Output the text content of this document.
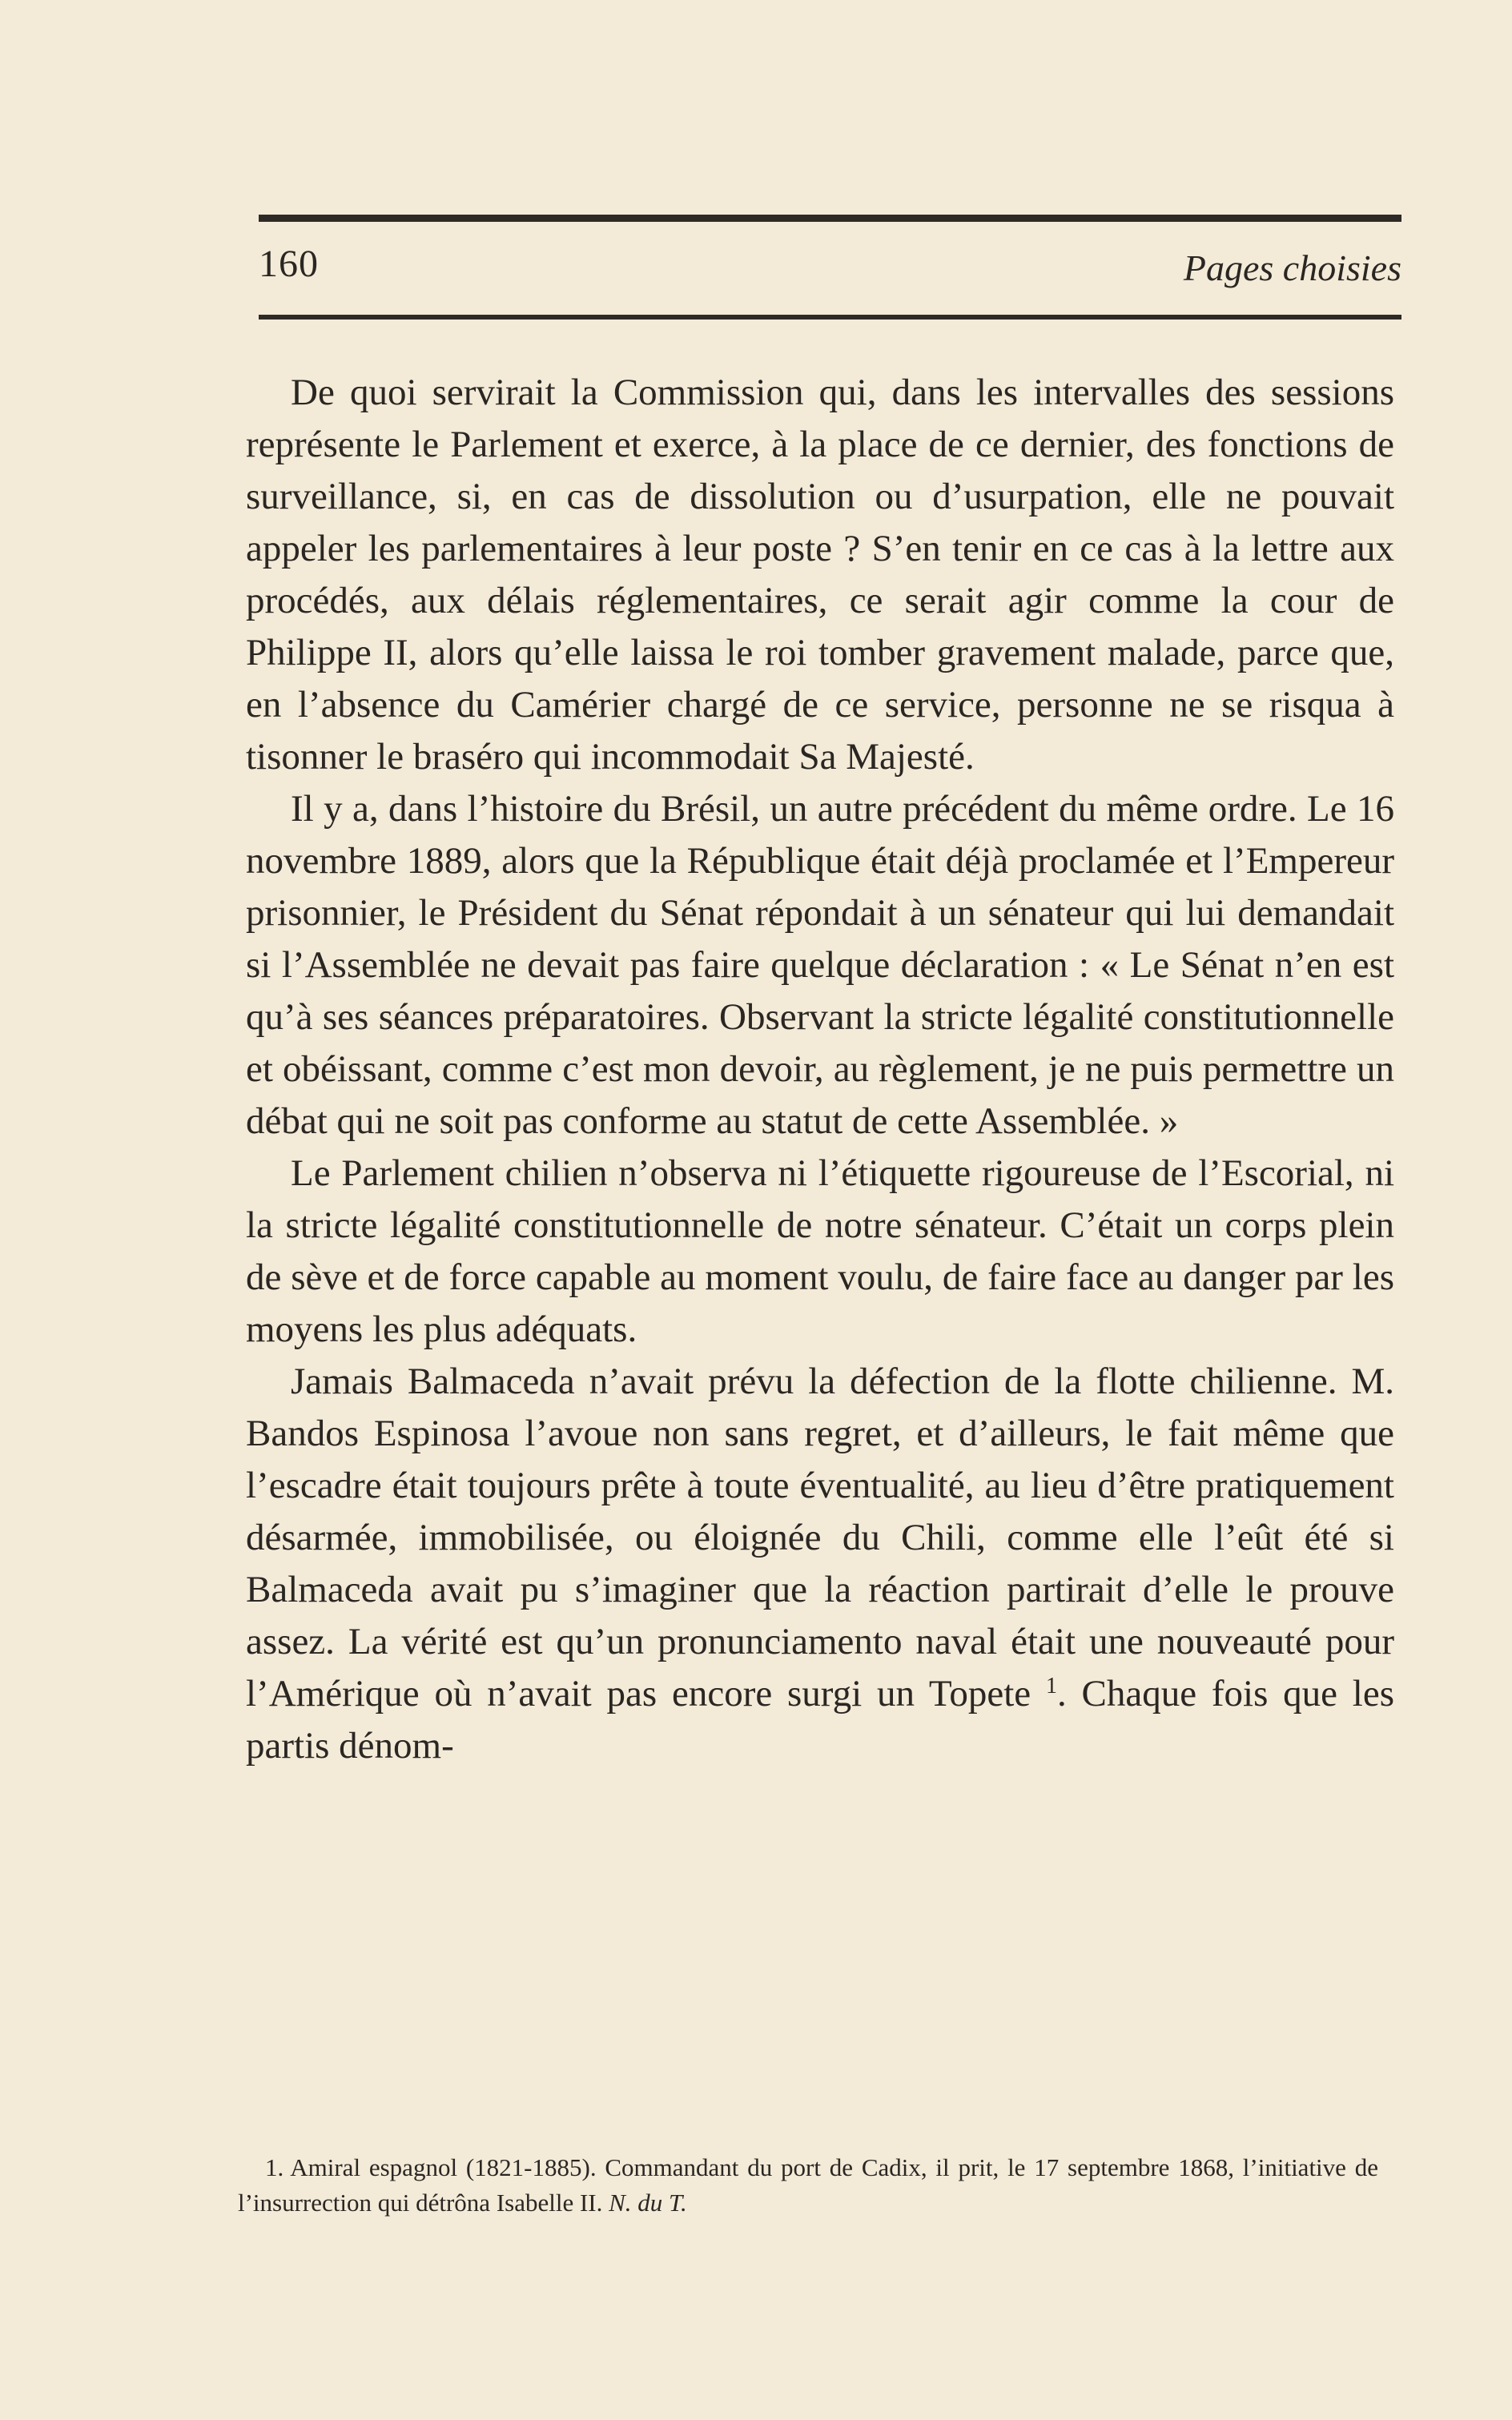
160	Pages choisies

De quoi servirait la Commission qui, dans les intervalles des sessions représente le Parlement et exerce, à la place de ce dernier, des fonctions de surveillance, si, en cas de dissolution ou d’usurpation, elle ne pouvait appeler les parlementaires à leur poste ? S’en tenir en ce cas à la lettre aux procédés, aux délais réglementaires, ce serait agir comme la cour de Philippe II, alors qu’elle laissa le roi tomber gravement malade, parce que, en l’absence du Camérier chargé de ce service, personne ne se risqua à tisonner le braséro qui incommodait Sa Majesté.

Il y a, dans l’histoire du Brésil, un autre précédent du même ordre. Le 16 novembre 1889, alors que la République était déjà proclamée et l’Empereur prisonnier, le Président du Sénat répondait à un sénateur qui lui demandait si l’Assemblée ne devait pas faire quelque déclaration : « Le Sénat n’en est qu’à ses séances préparatoires. Observant la stricte légalité constitutionnelle et obéissant, comme c’est mon devoir, au règlement, je ne puis permettre un débat qui ne soit pas conforme au statut de cette Assemblée. »

Le Parlement chilien n’observa ni l’étiquette rigoureuse de l’Escorial, ni la stricte légalité constitutionnelle de notre sénateur. C’était un corps plein de sève et de force capable au moment voulu, de faire face au danger par les moyens les plus adéquats.

Jamais Balmaceda n’avait prévu la défection de la flotte chilienne. M. Bandos Espinosa l’avoue non sans regret, et d’ailleurs, le fait même que l’escadre était toujours prête à toute éventualité, au lieu d’être pratiquement désarmée, immobilisée, ou éloignée du Chili, comme elle l’eût été si Balmaceda avait pu s’imaginer que la réaction partirait d’elle le prouve assez. La vérité est qu’un pronunciamento naval était une nouveauté pour l’Amérique où n’avait pas encore surgi un Topete $^1$. Chaque fois que les partis dénom-

1. Amiral espagnol (1821-1885). Commandant du port de Cadix, il prit, le 17 septembre 1868, l’initiative de l’insurrection qui détrôna Isabelle II. N. du T.
